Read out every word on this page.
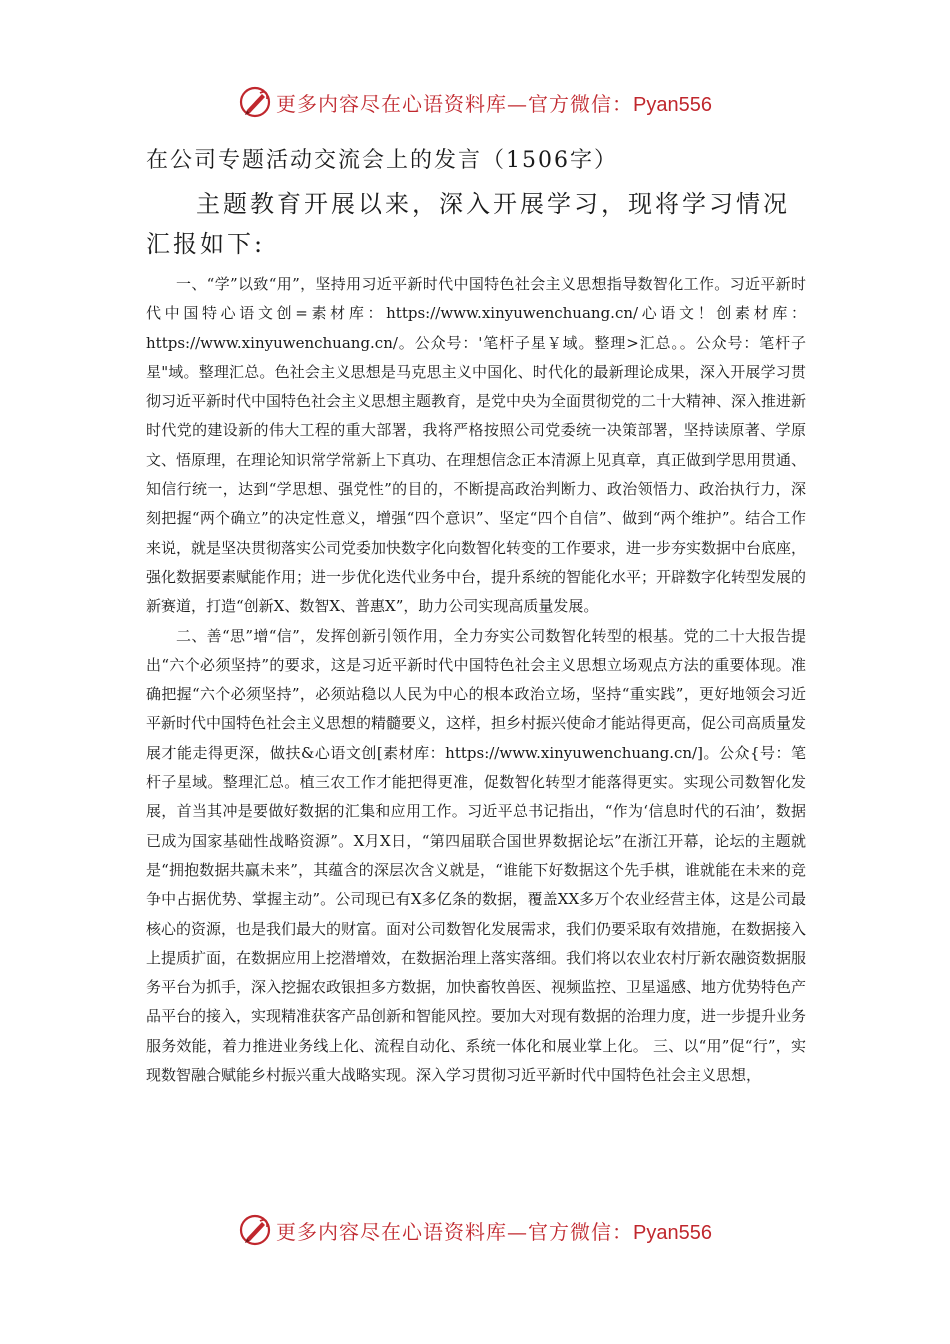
更多内容尽在心语资料库—官方微信：Pyan556
在公司专题活动交流会上的发言（1506字）

主题教育开展以来，深入开展学习，现将学习情况汇报如下:

一、“学”以致“用”，坚持用习近平新时代中国特色社会主义思想指导数智化工作。习近平新时代中国特心语文创=素材库：https://www.xinyuwenchuang.cn/心语文！创素材库：https://www.xinyuwenchuang.cn/。公众号：'笔杆子星￥域。整理>汇总。。公众号：笔杆子星"域。整理汇总。色社会主义思想是马克思主义中国化、时代化的最新理论成果，深入开展学习贯彻习近平新时代中国特色社会主义思想主题教育，是党中央为全面贯彻党的二十大精神、深入推进新时代党的建设新的伟大工程的重大部署，我将严格按照公司党委统一决策部署，坚持读原著、学原文、悟原理，在理论知识常学常新上下真功、在理想信念正本清源上见真章，真正做到学思用贯通、知信行统一，达到“学思想、强党性”的目的，不断提高政治判断力、政治领悟力、政治执行力，深刻把握“两个确立”的决定性意义，增强“四个意识”、坚定“四个自信”、做到“两个维护”。结合工作来说，就是坚决贯彻落实公司党委加快数字化向数智化转变的工作要求，进一步夯实数据中台底座，强化数据要素赋能作用；进一步优化迭代业务中台，提升系统的智能化水平；开辟数字化转型发展的新赛道，打造“创新X、数智X、普惠X”，助力公司实现高质量发展。

二、善“思”增“信”，发挥创新引领作用，全力夯实公司数智化转型的根基。党的二十大报告提出“六个必须坚持”的要求，这是习近平新时代中国特色社会主义思想立场观点方法的重要体现。准确把握“六个必须坚持”，必须站稳以人民为中心的根本政治立场，坚持“重实践”，更好地领会习近平新时代中国特色社会主义思想的精髓要义，这样，担乡村振兴使命才能站得更高，促公司高质量发展才能走得更深，做扶&心语文创[素材库：https://www.xinyuwenchuang.cn/]。公众{号：笔杆子星域。整理汇总。植三农工作才能把得更准，促数智化转型才能落得更实。实现公司数智化发展，首当其冲是要做好数据的汇集和应用工作。习近平总书记指出，“作为‘信息时代的石油’，数据已成为国家基础性战略资源”。X月X日，“第四届联合国世界数据论坛”在浙江开幕，论坛的主题就是“拥抱数据共赢未来”，其蕴含的深层次含义就是，“谁能下好数据这个先手棋，谁就能在未来的竞争中占据优势、掌握主动”。公司现已有X多亿条的数据，覆盖XX多万个农业经营主体，这是公司最核心的资源，也是我们最大的财富。面对公司数智化发展需求，我们仍要采取有效措施，在数据接入上提质扩面，在数据应用上挖潜增效，在数据治理上落实落细。我们将以农业农村厅新农融资数据服务平台为抓手，深入挖掘农政银担多方数据，加快畜牧兽医、视频监控、卫星遥感、地方优势特色产品平台的接入，实现精准获客产品创新和智能风控。要加大对现有数据的治理力度，进一步提升业务服务效能，着力推进业务线上化、流程自动化、系统一体化和展业掌上化。 三、以“用”促“行”，实现数智融合赋能乡村振兴重大战略实现。深入学习贯彻习近平新时代中国特色社会主义思想，

更多内容尽在心语资料库—官方微信：Pyan556
